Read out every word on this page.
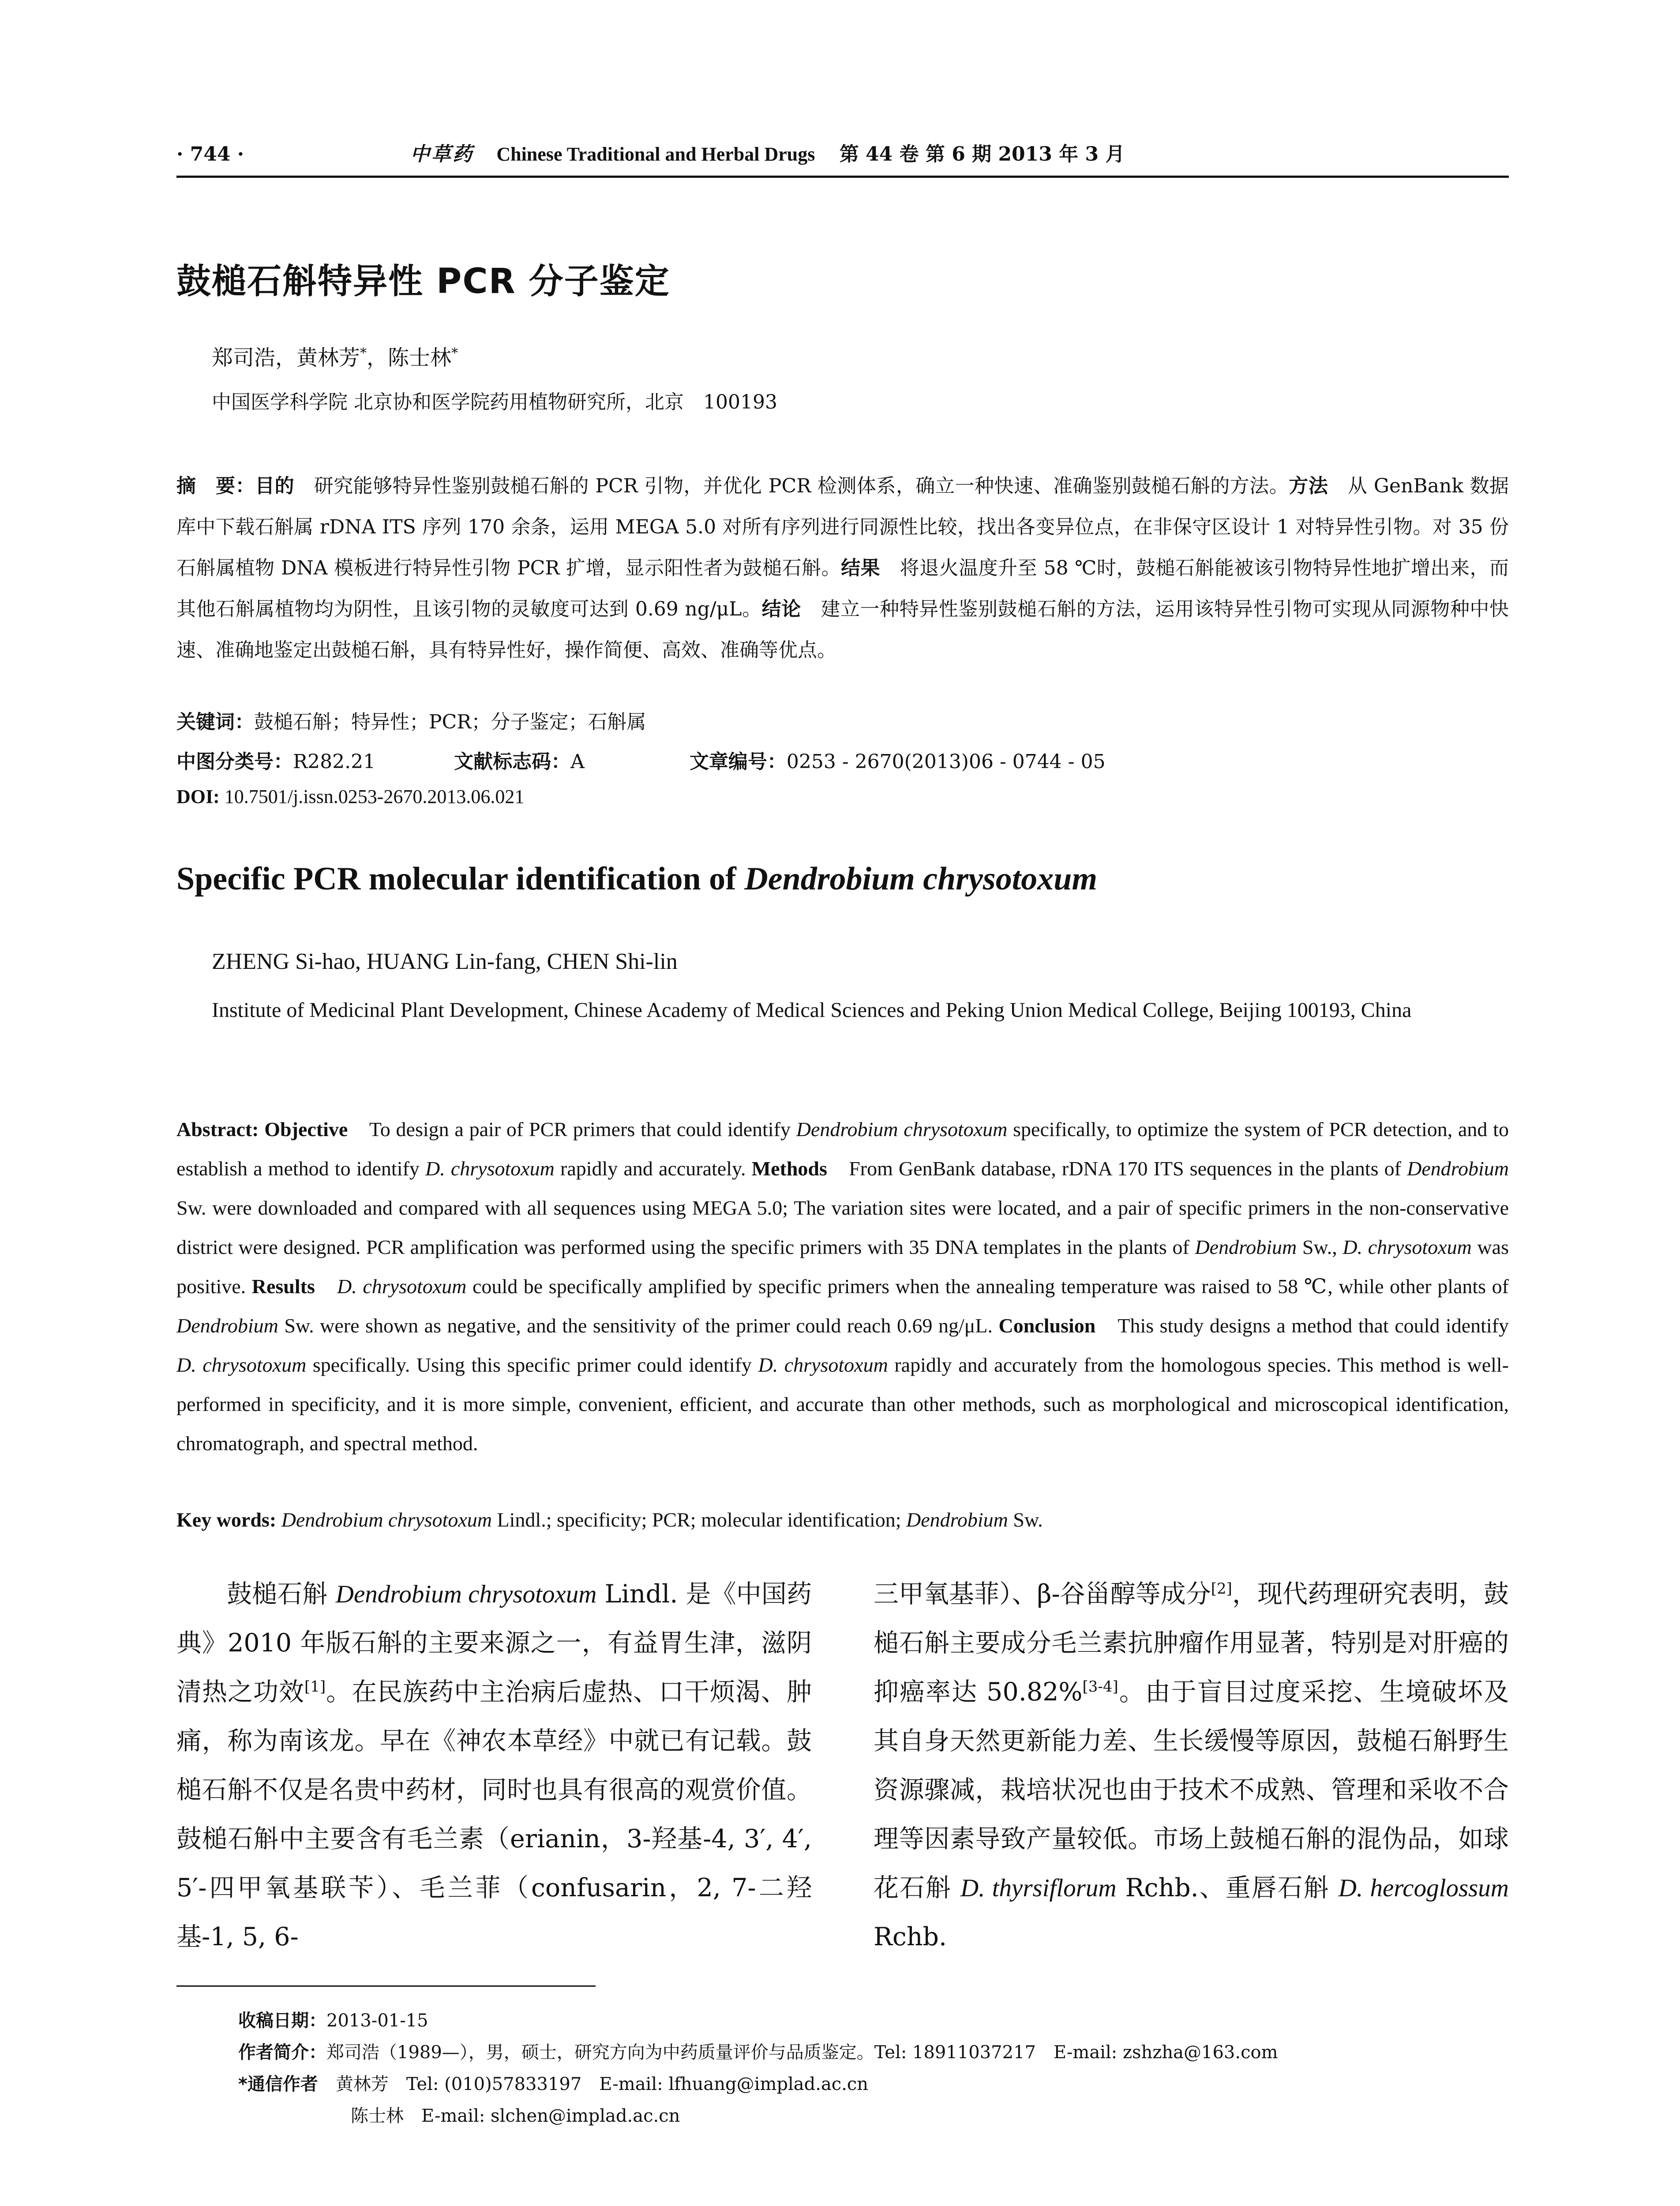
· 744 ·	中草药 Chinese Traditional and Herbal Drugs 第 44 卷 第 6 期 2013 年 3 月
鼓槌石斛特异性 PCR 分子鉴定
郑司浩，黄林芳*，陈士林*
中国医学科学院 北京协和医学院药用植物研究所，北京　100193
摘　要：目的　研究能够特异性鉴别鼓槌石斛的 PCR 引物，并优化 PCR 检测体系，确立一种快速、准确鉴别鼓槌石斛的方法。方法　从 GenBank 数据库中下载石斛属 rDNA ITS 序列 170 余条，运用 MEGA 5.0 对所有序列进行同源性比较，找出各变异位点，在非保守区设计 1 对特异性引物。对 35 份石斛属植物 DNA 模板进行特异性引物 PCR 扩增，显示阳性者为鼓槌石斛。结果　将退火温度升至 58 ℃时，鼓槌石斛能被该引物特异性地扩增出来，而其他石斛属植物均为阴性，且该引物的灵敏度可达到 0.69 ng/μL。结论　建立一种特异性鉴别鼓槌石斛的方法，运用该特异性引物可实现从同源物种中快速、准确地鉴定出鼓槌石斛，具有特异性好，操作简便、高效、准确等优点。
关键词：鼓槌石斛；特异性；PCR；分子鉴定；石斛属
中图分类号：R282.21	文献标志码：A	文章编号：0253 - 2670(2013)06 - 0744 - 05
DOI: 10.7501/j.issn.0253-2670.2013.06.021
Specific PCR molecular identification of Dendrobium chrysotoxum
ZHENG Si-hao, HUANG Lin-fang, CHEN Shi-lin
Institute of Medicinal Plant Development, Chinese Academy of Medical Sciences and Peking Union Medical College, Beijing 100193, China
Abstract: Objective　To design a pair of PCR primers that could identify Dendrobium chrysotoxum specifically, to optimize the system of PCR detection, and to establish a method to identify D. chrysotoxum rapidly and accurately. Methods　From GenBank database, rDNA 170 ITS sequences in the plants of Dendrobium Sw. were downloaded and compared with all sequences using MEGA 5.0; The variation sites were located, and a pair of specific primers in the non-conservative district were designed. PCR amplification was performed using the specific primers with 35 DNA templates in the plants of Dendrobium Sw., D. chrysotoxum was positive. Results　D. chrysotoxum could be specifically amplified by specific primers when the annealing temperature was raised to 58 ℃, while other plants of Dendrobium Sw. were shown as negative, and the sensitivity of the primer could reach 0.69 ng/μL. Conclusion　This study designs a method that could identify D. chrysotoxum specifically. Using this specific primer could identify D. chrysotoxum rapidly and accurately from the homologous species. This method is well-performed in specificity, and it is more simple, convenient, efficient, and accurate than other methods, such as morphological and microscopical identification, chromatograph, and spectral method.
Key words: Dendrobium chrysotoxum Lindl.; specificity; PCR; molecular identification; Dendrobium Sw.
鼓槌石斛 Dendrobium chrysotoxum Lindl. 是《中国药典》2010 年版石斛的主要来源之一，有益胃生津，滋阴清热之功效[1]。在民族药中主治病后虚热、口干烦渴、肿痛，称为南该龙。早在《神农本草经》中就已有记载。鼓槌石斛不仅是名贵中药材，同时也具有很高的观赏价值。鼓槌石斛中主要含有毛兰素（erianin，3-羟基-4, 3′, 4′, 5′-四甲氧基联苄）、毛兰菲（confusarin，2, 7-二羟基-1, 5, 6-
三甲氧基菲）、β-谷甾醇等成分[2]，现代药理研究表明，鼓槌石斛主要成分毛兰素抗肿瘤作用显著，特别是对肝癌的抑癌率达 50.82%[3-4]。由于盲目过度采挖、生境破坏及其自身天然更新能力差、生长缓慢等原因，鼓槌石斛野生资源骤减，栽培状况也由于技术不成熟、管理和采收不合理等因素导致产量较低。市场上鼓槌石斛的混伪品，如球花石斛 D. thyrsiflorum Rchb.、重唇石斛 D. hercoglossum Rchb.
收稿日期：2013-01-15
作者简介：郑司浩（1989—），男，硕士，研究方向为中药质量评价与品质鉴定。Tel: 18911037217　E-mail: zshzha@163.com
*通信作者　黄林芳　Tel: (010)57833197　E-mail: lfhuang@implad.ac.cn
陈士林　E-mail: slchen@implad.ac.cn
